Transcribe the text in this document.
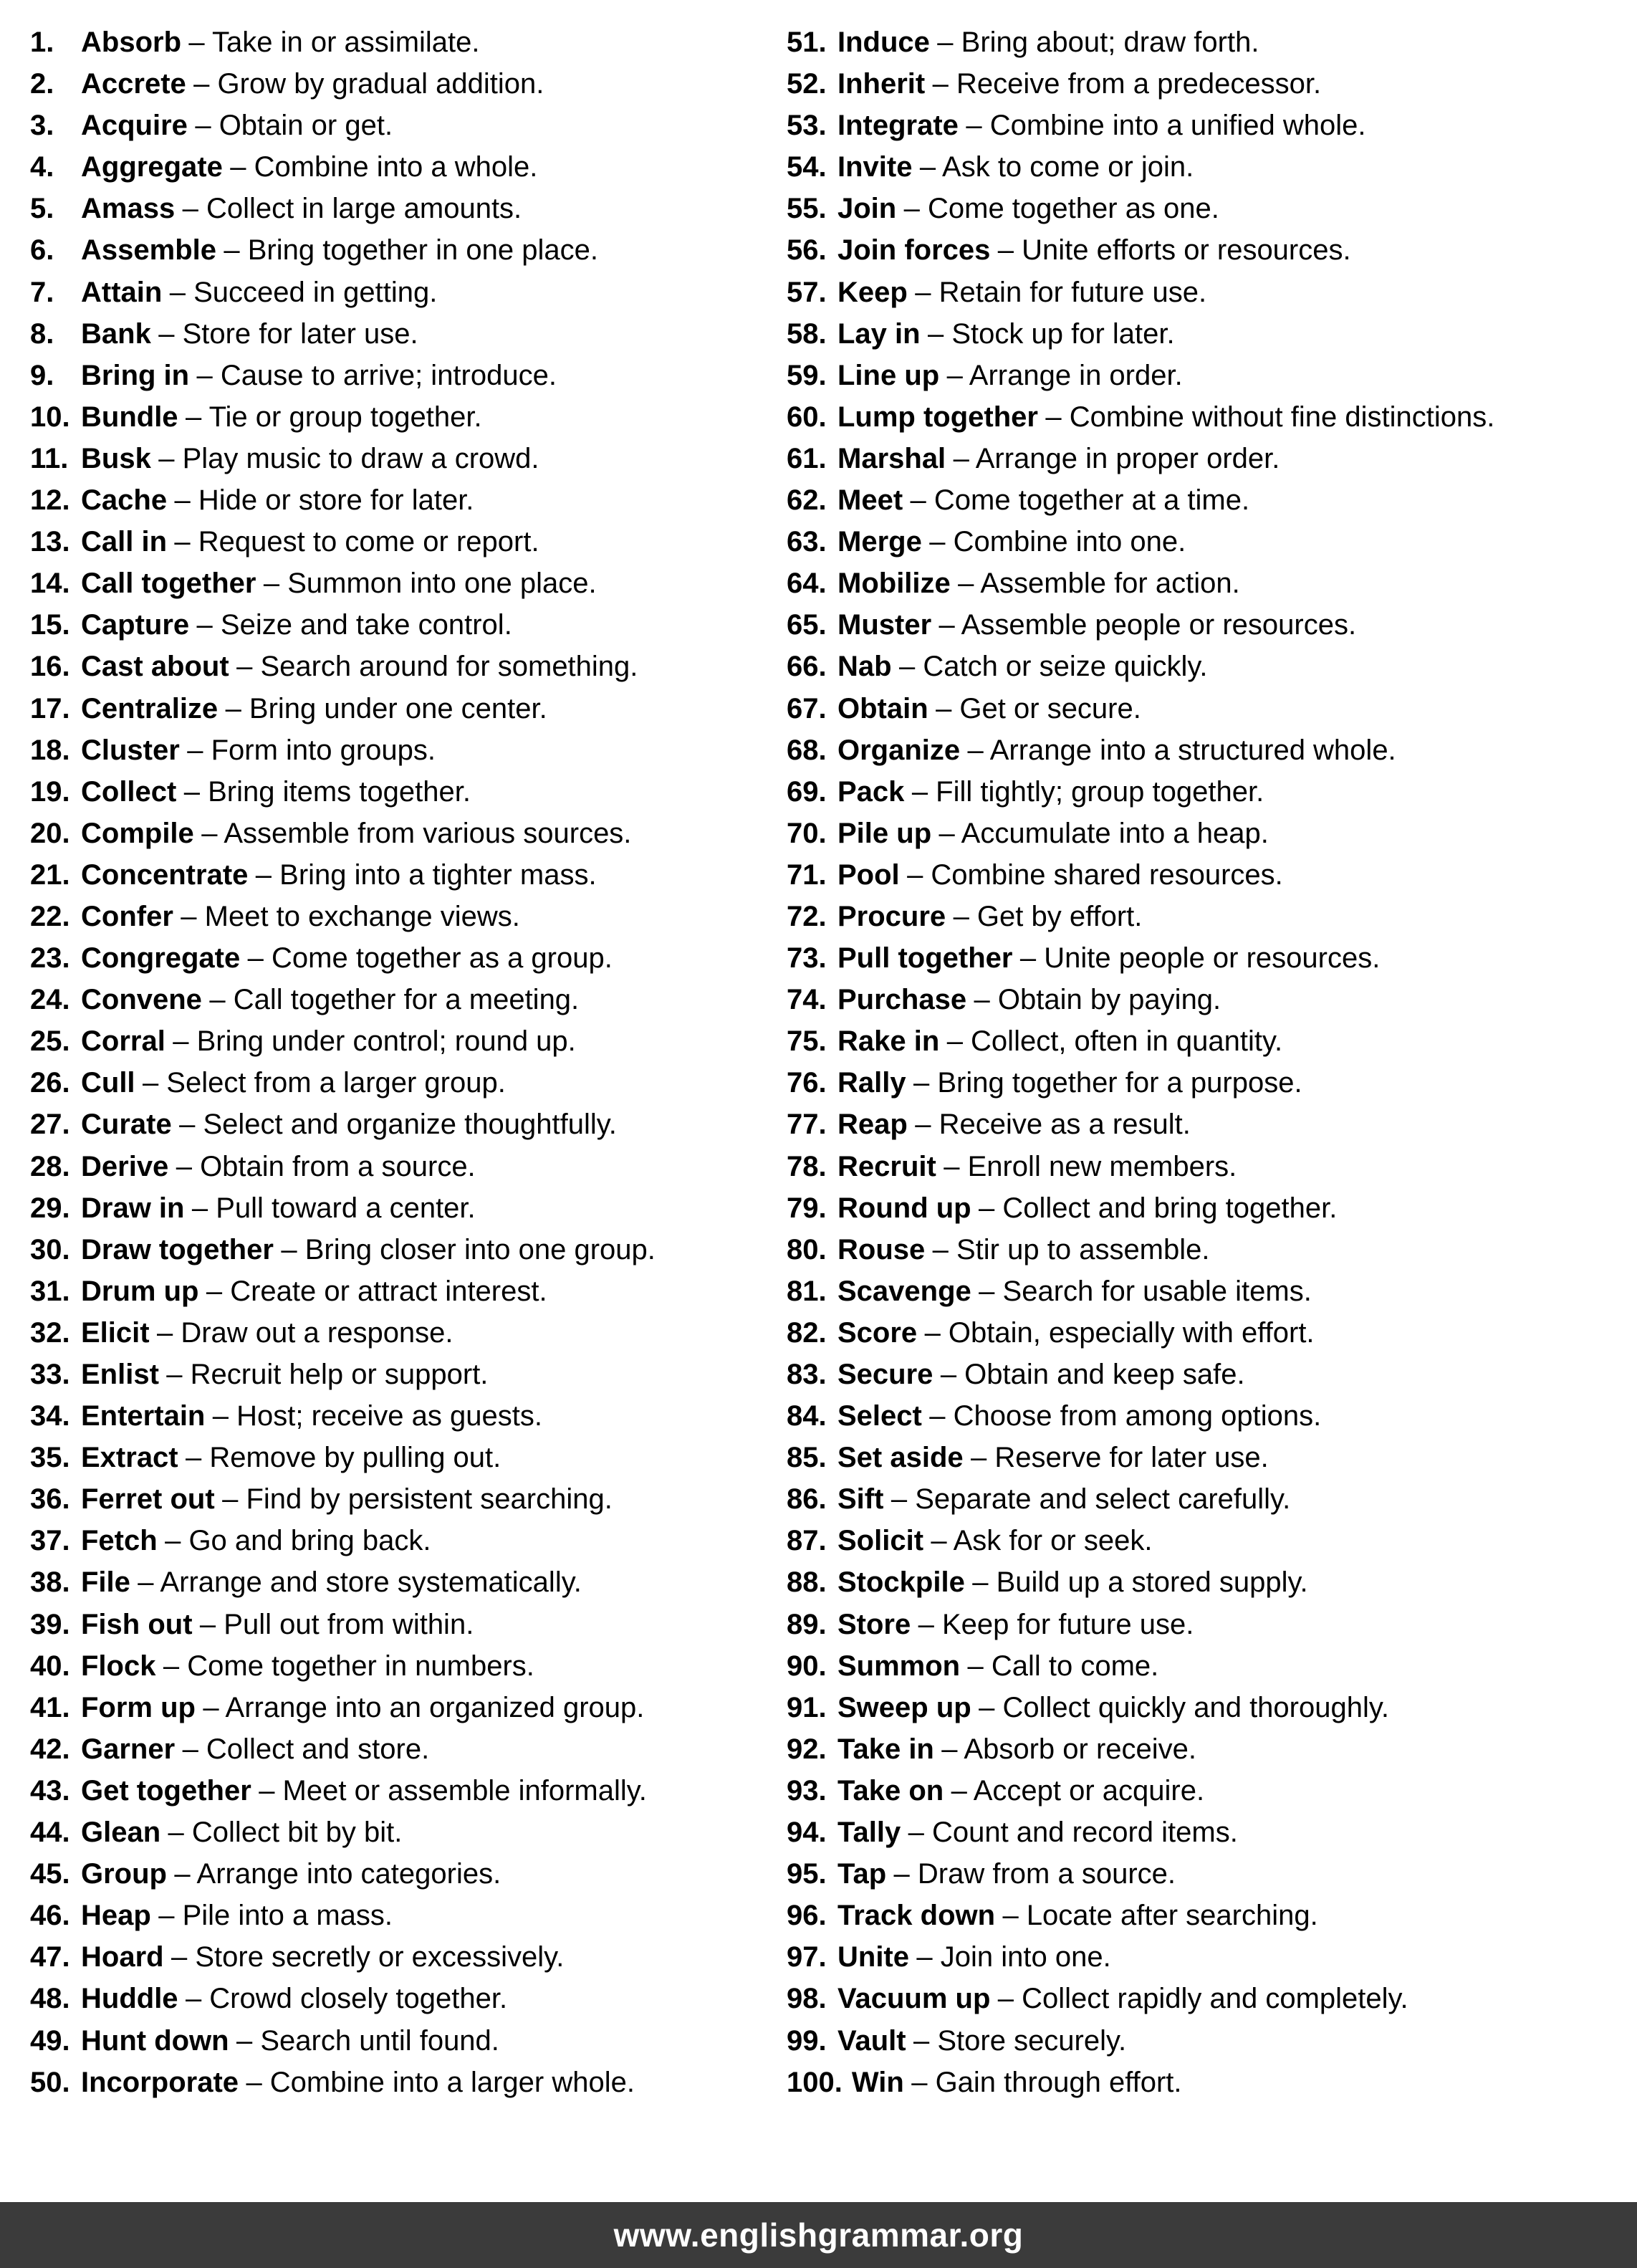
1. Absorb – Take in or assimilate.
2. Accrete – Grow by gradual addition.
3. Acquire – Obtain or get.
4. Aggregate – Combine into a whole.
5. Amass – Collect in large amounts.
6. Assemble – Bring together in one place.
7. Attain – Succeed in getting.
8. Bank – Store for later use.
9. Bring in – Cause to arrive; introduce.
10. Bundle – Tie or group together.
11. Busk – Play music to draw a crowd.
12. Cache – Hide or store for later.
13. Call in – Request to come or report.
14. Call together – Summon into one place.
15. Capture – Seize and take control.
16. Cast about – Search around for something.
17. Centralize – Bring under one center.
18. Cluster – Form into groups.
19. Collect – Bring items together.
20. Compile – Assemble from various sources.
21. Concentrate – Bring into a tighter mass.
22. Confer – Meet to exchange views.
23. Congregate – Come together as a group.
24. Convene – Call together for a meeting.
25. Corral – Bring under control; round up.
26. Cull – Select from a larger group.
27. Curate – Select and organize thoughtfully.
28. Derive – Obtain from a source.
29. Draw in – Pull toward a center.
30. Draw together – Bring closer into one group.
31. Drum up – Create or attract interest.
32. Elicit – Draw out a response.
33. Enlist – Recruit help or support.
34. Entertain – Host; receive as guests.
35. Extract – Remove by pulling out.
36. Ferret out – Find by persistent searching.
37. Fetch – Go and bring back.
38. File – Arrange and store systematically.
39. Fish out – Pull out from within.
40. Flock – Come together in numbers.
41. Form up – Arrange into an organized group.
42. Garner – Collect and store.
43. Get together – Meet or assemble informally.
44. Glean – Collect bit by bit.
45. Group – Arrange into categories.
46. Heap – Pile into a mass.
47. Hoard – Store secretly or excessively.
48. Huddle – Crowd closely together.
49. Hunt down – Search until found.
50. Incorporate – Combine into a larger whole.
51. Induce – Bring about; draw forth.
52. Inherit – Receive from a predecessor.
53. Integrate – Combine into a unified whole.
54. Invite – Ask to come or join.
55. Join – Come together as one.
56. Join forces – Unite efforts or resources.
57. Keep – Retain for future use.
58. Lay in – Stock up for later.
59. Line up – Arrange in order.
60. Lump together – Combine without fine distinctions.
61. Marshal – Arrange in proper order.
62. Meet – Come together at a time.
63. Merge – Combine into one.
64. Mobilize – Assemble for action.
65. Muster – Assemble people or resources.
66. Nab – Catch or seize quickly.
67. Obtain – Get or secure.
68. Organize – Arrange into a structured whole.
69. Pack – Fill tightly; group together.
70. Pile up – Accumulate into a heap.
71. Pool – Combine shared resources.
72. Procure – Get by effort.
73. Pull together – Unite people or resources.
74. Purchase – Obtain by paying.
75. Rake in – Collect, often in quantity.
76. Rally – Bring together for a purpose.
77. Reap – Receive as a result.
78. Recruit – Enroll new members.
79. Round up – Collect and bring together.
80. Rouse – Stir up to assemble.
81. Scavenge – Search for usable items.
82. Score – Obtain, especially with effort.
83. Secure – Obtain and keep safe.
84. Select – Choose from among options.
85. Set aside – Reserve for later use.
86. Sift – Separate and select carefully.
87. Solicit – Ask for or seek.
88. Stockpile – Build up a stored supply.
89. Store – Keep for future use.
90. Summon – Call to come.
91. Sweep up – Collect quickly and thoroughly.
92. Take in – Absorb or receive.
93. Take on – Accept or acquire.
94. Tally – Count and record items.
95. Tap – Draw from a source.
96. Track down – Locate after searching.
97. Unite – Join into one.
98. Vacuum up – Collect rapidly and completely.
99. Vault – Store securely.
100. Win – Gain through effort.
www.englishgrammar.org
